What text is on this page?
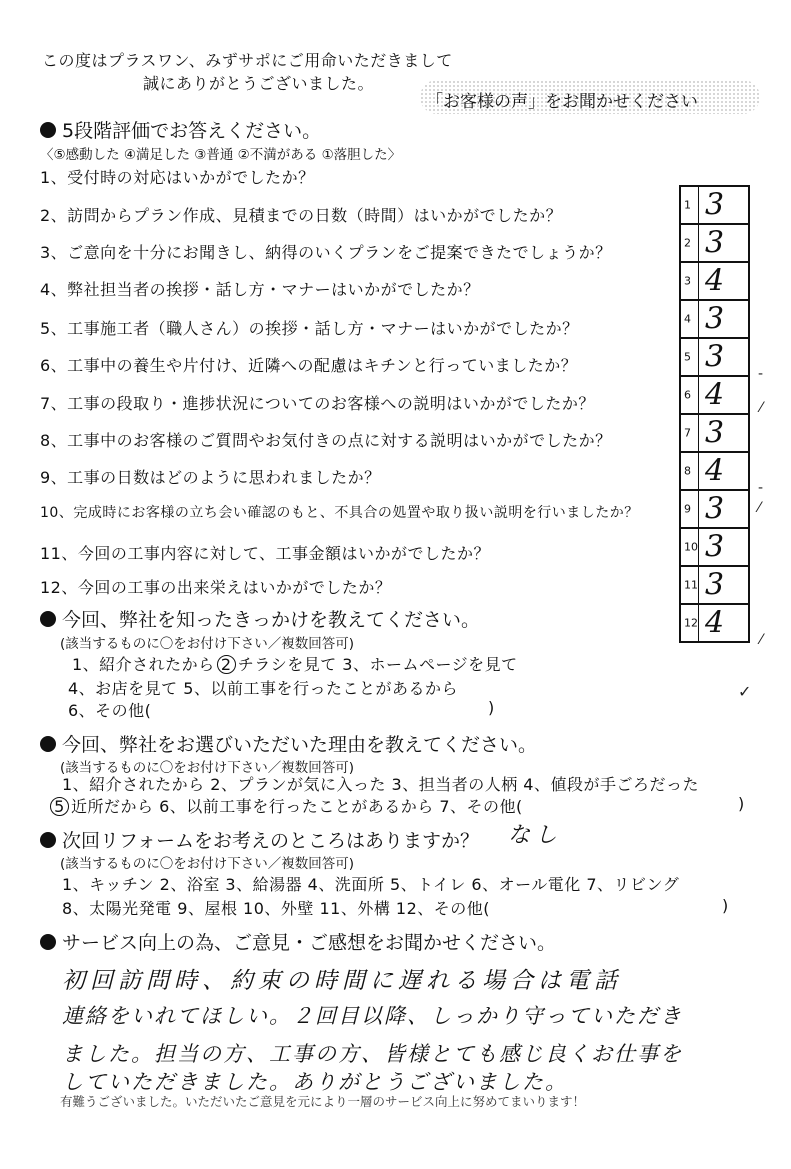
この度はプラスワン、みずサポにご用命いただきまして
誠にありがとうございました。
「お客様の声」をお聞かせください
5段階評価でお答えください。
〈⑤感動した ④満足した ③普通 ②不満がある ①落胆した〉
1、受付時の対応はいかがでしたか？
2、訪問からプラン作成、見積までの日数（時間）はいかがでしたか？
3、ご意向を十分にお聞きし、納得のいくプランをご提案できたでしょうか？
4、弊社担当者の挨拶・話し方・マナーはいかがでしたか？
5、工事施工者（職人さん）の挨拶・話し方・マナーはいかがでしたか？
6、工事中の養生や片付け、近隣への配慮はキチンと行っていましたか？
7、工事の段取り・進捗状況についてのお客様への説明はいかがでしたか？
8、工事中のお客様のご質問やお気付きの点に対する説明はいかがでしたか？
9、工事の日数はどのように思われましたか？
10、完成時にお客様の立ち会い確認のもと、不具合の処置や取り扱い説明を行いましたか？
11、今回の工事内容に対して、工事金額はいかがでしたか？
12、今回の工事の出来栄えはいかがでしたか？
1 3
2 3
3 4
4 3
5 3
6 4
7 3
8 4
9 3
10 3
11 3
12 4
‐
⁄
‐
⁄
⁄
✓
今回、弊社を知ったきっかけを教えてください。
(該当するものに〇をお付け下さい／複数回答可)
1、紹介されたから 2 チラシを見て 3、ホームページを見て
4、お店を見て 5、以前工事を行ったことがあるから
6、その他(	)
今回、弊社をお選びいただいた理由を教えてください。
(該当するものに〇をお付け下さい／複数回答可)
1、紹介されたから 2、プランが気に入った 3、担当者の人柄 4、値段が手ごろだった
5 近所だから 6、以前工事を行ったことがあるから 7、その他(	)
次回リフォームをお考えのところはありますか？ なし
(該当するものに〇をお付け下さい／複数回答可)
1、キッチン 2、浴室 3、給湯器 4、洗面所 5、トイレ 6、オール電化 7、リビング
8、太陽光発電 9、屋根 10、外壁 11、外構 12、その他(	)
サービス向上の為、ご意見・ご感想をお聞かせください。
初回訪問時、約束の時間に遅れる場合は電話
連絡をいれてほしい。２回目以降、しっかり守っていただき
ました。担当の方、工事の方、皆様とても感じ良くお仕事を
していただきました。ありがとうございました。
有難うございました。いただいたご意見を元により一層のサービス向上に努めてまいります！
